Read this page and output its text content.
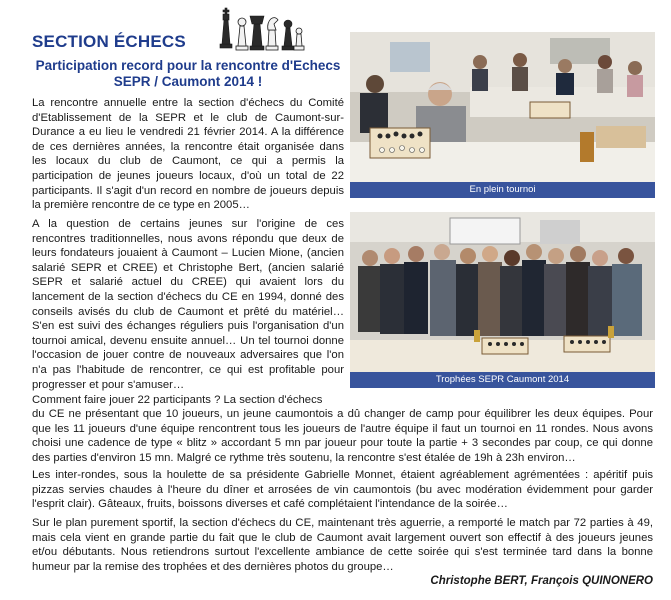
SECTION ÉCHECS
Participation record pour la rencontre d'Echecs
SEPR / Caumont 2014 !

La rencontre annuelle entre la section d'échecs du Comité d'Etablissement de la SEPR et le club de Caumont-sur-Durance a eu lieu le vendredi 21 février 2014. A la différence de ces dernières années, la rencontre était organisée dans les locaux du club de Caumont, ce qui a permis la participation de jeunes joueurs locaux, d'où un total de 22 participants. Il s'agit d'un record en nombre de joueurs depuis la première rencontre de ce type en 2005…

A la question de certains jeunes sur l'origine de ces rencontres traditionnelles, nous avons répondu que deux de leurs fondateurs jouaient à Caumont – Lucien Mione, (ancien salarié SEPR et CREE) et Christophe Bert, (ancien salarié SEPR et salarié actuel du CREE) qui avaient lors du lancement de la section d'échecs du CE en 1994, donné des conseils avisés du club de Caumont et prêté du matériel… S'en est suivi des échanges réguliers puis l'organisation d'un tournoi amical, devenu ensuite annuel… Un tel tournoi donne l'occasion de jouer contre de nouveaux adversaires que l'on n'a pas l'habitude de rencontrer, ce qui est profitable pour progresser et pour s'amuser…

Comment faire jouer 22 participants ? La section d'échecs

du CE ne présentant que 10 joueurs, un jeune caumontois a dû changer de camp pour équilibrer les deux équipes. Pour que les 11 joueurs d'une équipe rencontrent tous les joueurs de l'autre équipe il faut un tournoi en 11 rondes. Nous avons choisi une cadence de type « blitz » accordant 5 mn par joueur pour toute la partie + 3 secondes par coup, ce qui donne des parties d'environ 15 mn. Malgré ce rythme très soutenu, la rencontre s'est étalée de 19h à 23h environ…

Les inter-rondes, sous la houlette de sa présidente Gabrielle Monnet, étaient agréablement agrémentées : apéritif puis pizzas servies chaudes à l'heure du dîner et arrosées de vin caumontois (bu avec modération évidemment pour garder l'esprit clair). Gâteaux, fruits, boissons diverses et café complétaient l'intendance de la soirée…

Sur le plan purement sportif, la section d'échecs du CE, maintenant très aguerrie, a remporté le match par 72 parties à 49, mais cela vient en grande partie du fait que le club de Caumont avait largement ouvert son effectif à des joueurs jeunes et/ou débutants. Nous retiendrons surtout l'excellente ambiance de cette soirée qui s'est terminée tard dans la bonne humeur par la remise des trophées et des dernières photos du groupe…

En plein tournoi
Trophées SEPR Caumont 2014
Christophe BERT, François QUINONERO
